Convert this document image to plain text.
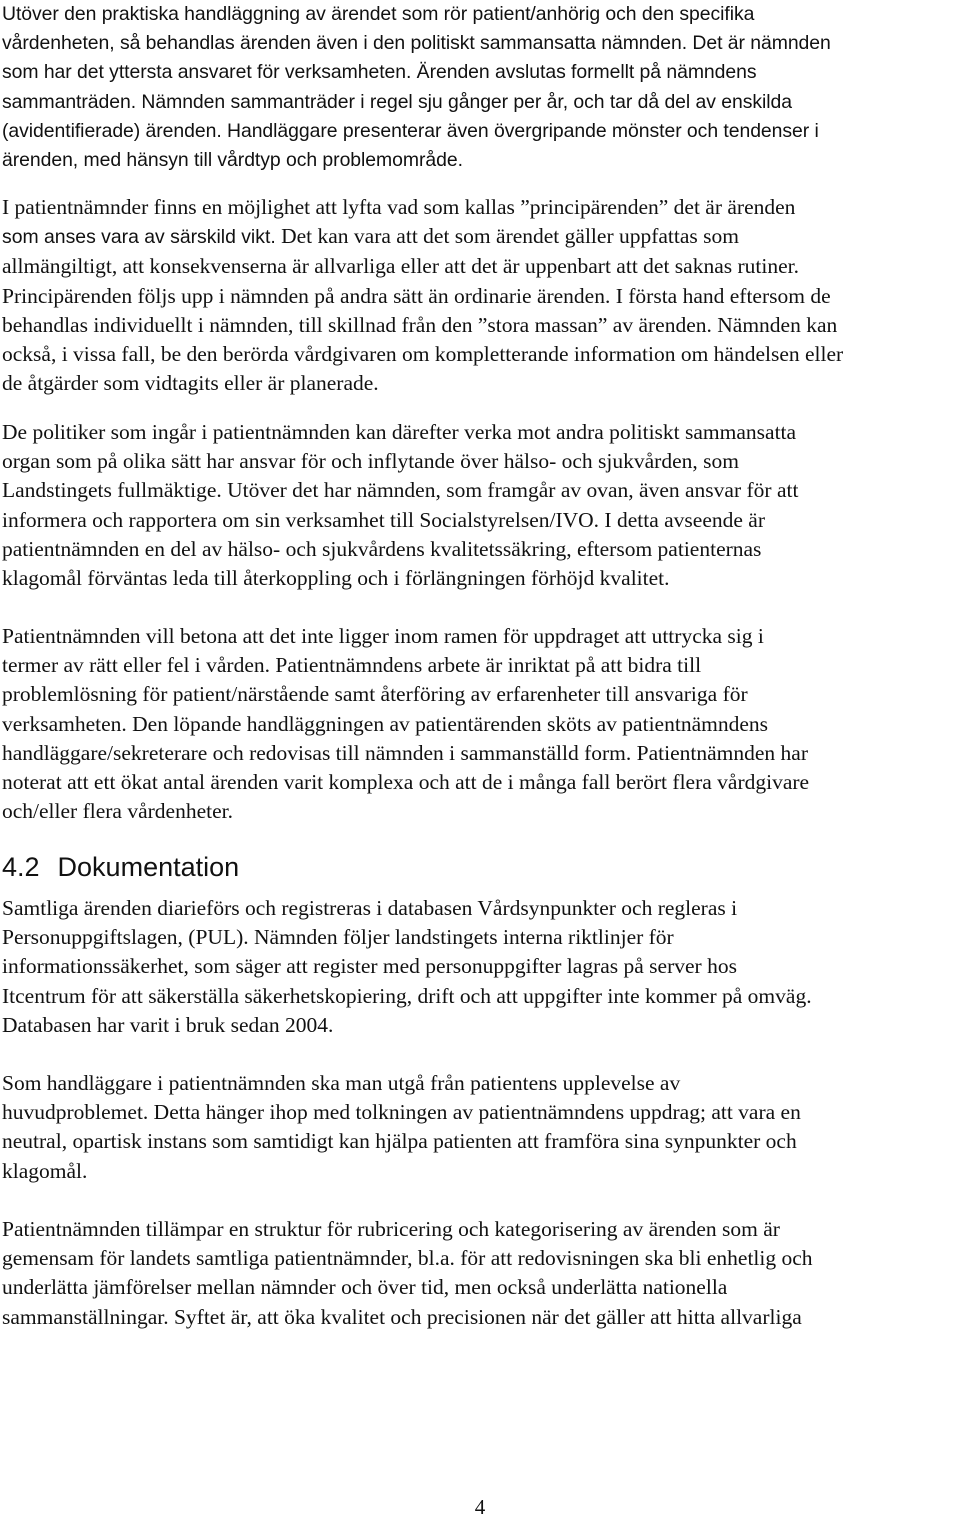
Utöver den praktiska handläggning av ärendet som rör patient/anhörig och den specifika
vårdenheten, så behandlas ärenden även i den politiskt sammansatta nämnden. Det är nämnden
som har det yttersta ansvaret för verksamheten. Ärenden avslutas formellt på nämndens
sammanträden. Nämnden sammanträder i regel sju gånger per år, och tar då del av enskilda
(avidentifierade) ärenden. Handläggare presenterar även övergripande mönster och tendenser i
ärenden, med hänsyn till vårdtyp och problemområde.

I patientnämnder finns en möjlighet att lyfta vad som kallas ”principärenden” det är ärenden
som anses vara av särskild vikt. Det kan vara att det som ärendet gäller uppfattas som
allmängiltigt, att konsekvenserna är allvarliga eller att det är uppenbart att det saknas rutiner.
Principärenden följs upp i nämnden på andra sätt än ordinarie ärenden. I första hand eftersom de
behandlas individuellt i nämnden, till skillnad från den ”stora massan” av ärenden. Nämnden kan
också, i vissa fall, be den berörda vårdgivaren om kompletterande information om händelsen eller
de åtgärder som vidtagits eller är planerade.

De politiker som ingår i patientnämnden kan därefter verka mot andra politiskt sammansatta
organ som på olika sätt har ansvar för och inflytande över hälso- och sjukvården, som
Landstingets fullmäktige. Utöver det har nämnden, som framgår av ovan, även ansvar för att
informera och rapportera om sin verksamhet till Socialstyrelsen/IVO. I detta avseende är
patientnämnden en del av hälso- och sjukvårdens kvalitetssäkring, eftersom patienternas
klagomål förväntas leda till återkoppling och i förlängningen förhöjd kvalitet.

Patientnämnden vill betona att det inte ligger inom ramen för uppdraget att uttrycka sig i
termer av rätt eller fel i vården. Patientnämndens arbete är inriktat på att bidra till
problemlösning för patient/närstående samt återföring av erfarenheter till ansvariga för
verksamheten. Den löpande handläggningen av patientärenden sköts av patientnämndens
handläggare/sekreterare och redovisas till nämnden i sammanställd form. Patientnämnden har
noterat att ett ökat antal ärenden varit komplexa och att de i många fall berört flera vårdgivare
och/eller flera vårdenheter.

4.2 Dokumentation

Samtliga ärenden diarieförs och registreras i databasen Vårdsynpunkter och regleras i
Personuppgiftslagen, (PUL). Nämnden följer landstingets interna riktlinjer för
informationssäkerhet, som säger att register med personuppgifter lagras på server hos
Itcentrum för att säkerställa säkerhetskopiering, drift och att uppgifter inte kommer på omväg.
Databasen har varit i bruk sedan 2004.

Som handläggare i patientnämnden ska man utgå från patientens upplevelse av
huvudproblemet. Detta hänger ihop med tolkningen av patientnämndens uppdrag; att vara en
neutral, opartisk instans som samtidigt kan hjälpa patienten att framföra sina synpunkter och
klagomål.

Patientnämnden tillämpar en struktur för rubricering och kategorisering av ärenden som är
gemensam för landets samtliga patientnämnder, bl.a. för att redovisningen ska bli enhetlig och
underlätta jämförelser mellan nämnder och över tid, men också underlätta nationella
sammanställningar. Syftet är, att öka kvalitet och precisionen när det gäller att hitta allvarliga

4
